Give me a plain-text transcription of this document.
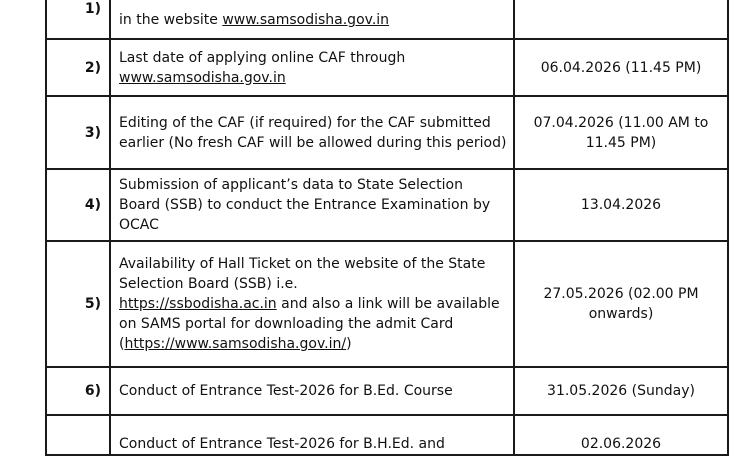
1)	in the website www.samsodisha.gov.in	
2)	Last date of applying online CAF through
www.samsodisha.gov.in	06.04.2026 (11.45 PM)
3)	Editing of the CAF (if required) for the CAF submitted earlier (No fresh CAF will be allowed during this period)	07.04.2026 (11.00 AM to 11.45 PM)
4)	Submission of applicant’s data to State Selection Board (SSB) to conduct the Entrance Examination by OCAC	13.04.2026
5)	Availability of Hall Ticket on the website of the State Selection Board (SSB) i.e.
https://ssbodisha.ac.in and also a link will be available on SAMS portal for downloading the admit Card (https://www.samsodisha.gov.in/)	27.05.2026 (02.00 PM onwards)
6)	Conduct of Entrance Test-2026 for B.Ed. Course	31.05.2026 (Sunday)
	Conduct of Entrance Test-2026 for B.H.Ed. and	02.06.2026
